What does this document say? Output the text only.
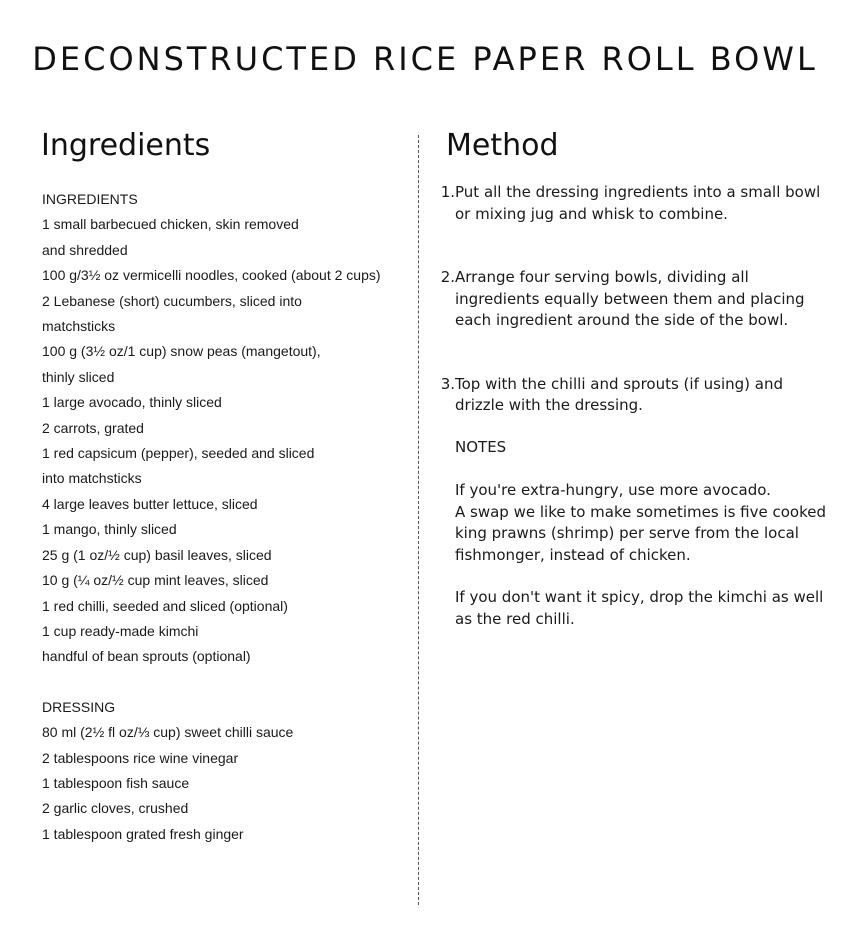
DECONSTRUCTED RICE PAPER ROLL BOWL
Ingredients	Method
INGREDIENTS
1 small barbecued chicken, skin removed
and shredded
100 g/3½ oz vermicelli noodles, cooked (about 2 cups)
2 Lebanese (short) cucumbers, sliced into
matchsticks
100 g (3½ oz/1 cup) snow peas (mangetout),
thinly sliced
1 large avocado, thinly sliced
2 carrots, grated
1 red capsicum (pepper), seeded and sliced
into matchsticks
4 large leaves butter lettuce, sliced
1 mango, thinly sliced
25 g (1 oz/½ cup) basil leaves, sliced
10 g (¼ oz/½ cup mint leaves, sliced
1 red chilli, seeded and sliced (optional)
1 cup ready-made kimchi
handful of bean sprouts (optional)
DRESSING
80 ml (2½ fl oz/⅓ cup) sweet chilli sauce
2 tablespoons rice wine vinegar
1 tablespoon fish sauce
2 garlic cloves, crushed
1 tablespoon grated fresh ginger
1. Put all the dressing ingredients into a small bowl or mixing jug and whisk to combine.
2. Arrange four serving bowls, dividing all ingredients equally between them and placing each ingredient around the side of the bowl.
3. Top with the chilli and sprouts (if using) and drizzle with the dressing.

NOTES

If you're extra-hungry, use more avocado.

A swap we like to make sometimes is five cooked king prawns (shrimp) per serve from the local fishmonger, instead of chicken.

If you don't want it spicy, drop the kimchi as well as the red chilli.
